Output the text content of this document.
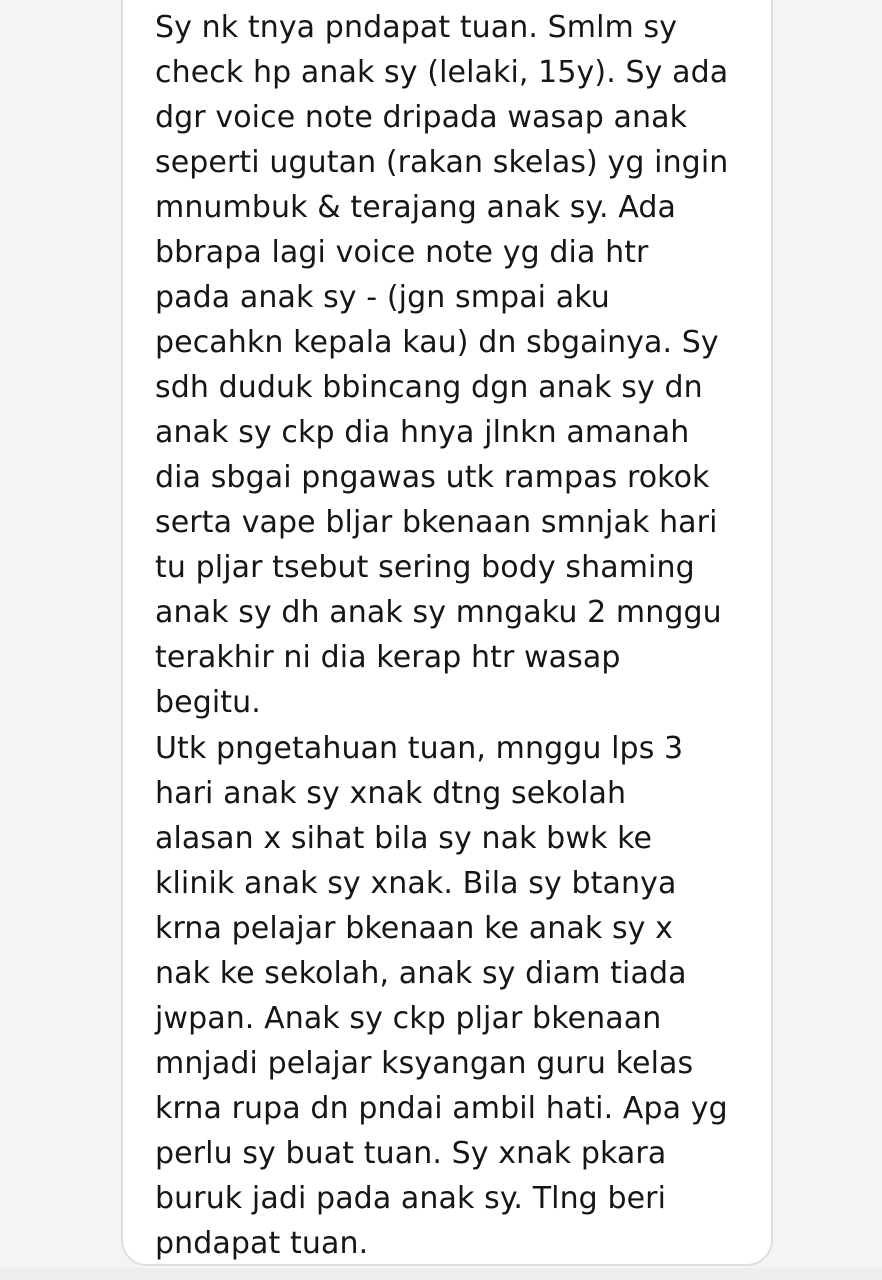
Sy nk tnya pndapat tuan. Smlm sy
check hp anak sy (lelaki, 15y). Sy ada
dgr voice note dripada wasap anak
seperti ugutan (rakan skelas) yg ingin
mnumbuk & terajang anak sy. Ada
bbrapa lagi voice note yg dia htr
pada anak sy - (jgn smpai aku
pecahkn kepala kau) dn sbgainya. Sy
sdh duduk bbincang dgn anak sy dn
anak sy ckp dia hnya jlnkn amanah
dia sbgai pngawas utk rampas rokok
serta vape bljar bkenaan smnjak hari
tu pljar tsebut sering body shaming
anak sy dh anak sy mngaku 2 mnggu
terakhir ni dia kerap htr wasap
begitu.

Utk pngetahuan tuan, mnggu lps 3
hari anak sy xnak dtng sekolah
alasan x sihat bila sy nak bwk ke
klinik anak sy xnak. Bila sy btanya
krna pelajar bkenaan ke anak sy x
nak ke sekolah, anak sy diam tiada
jwpan. Anak sy ckp pljar bkenaan
mnjadi pelajar ksyangan guru kelas
krna rupa dn pndai ambil hati. Apa yg
perlu sy buat tuan. Sy xnak pkara
buruk jadi pada anak sy. Tlng beri
pndapat tuan.
